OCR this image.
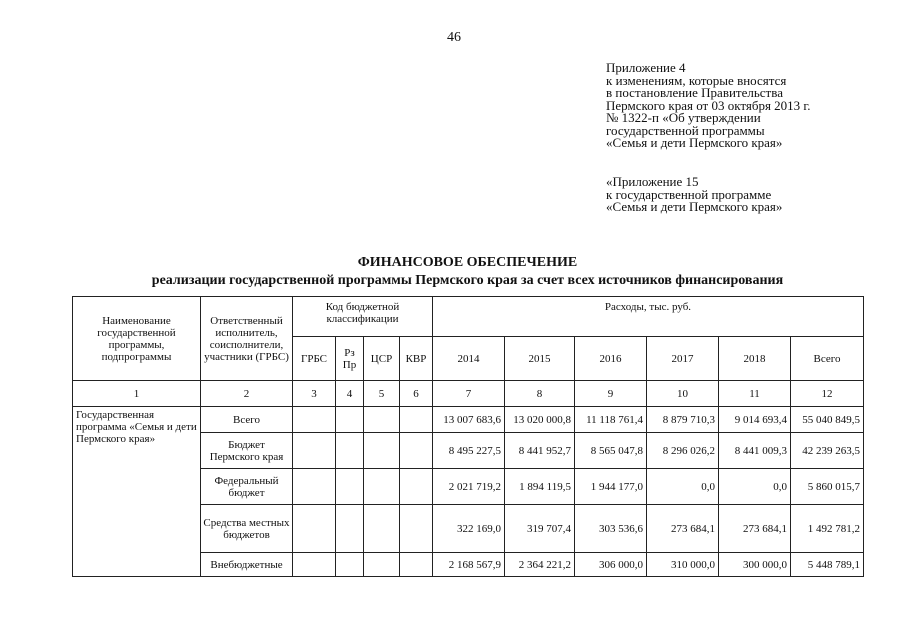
46
Приложение 4
к изменениям, которые вносятся
в постановление Правительства
Пермского края от 03 октября 2013 г.
№ 1322-п «Об утверждении
государственной программы
«Семья и дети Пермского края»
«Приложение 15
к государственной программе
«Семья и дети Пермского края»
ФИНАНСОВОЕ ОБЕСПЕЧЕНИЕ
реализации государственной программы Пермского края за счет всех источников финансирования
Наименование государственной программы, подпрограммы	Ответственный исполнитель, соисполнители, участники (ГРБС)	Код бюджетной классификации				Расходы, тыс. руб.					
		ГРБС	Рз Пр	ЦСР	КВР	2014	2015	2016	2017	2018	Всего
1	2	3	4	5	6	7	8	9	10	11	12
Государственная программа «Семья и дети Пермского края»	Всего					13 007 683,6	13 020 000,8	11 118 761,4	8 879 710,3	9 014 693,4	55 040 849,5
	Бюджет Пермского края					8 495 227,5	8 441 952,7	8 565 047,8	8 296 026,2	8 441 009,3	42 239 263,5
	Федеральный бюджет					2 021 719,2	1 894 119,5	1 944 177,0	0,0	0,0	5 860 015,7
	Средства местных бюджетов					322 169,0	319 707,4	303 536,6	273 684,1	273 684,1	1 492 781,2
	Внебюджетные					2 168 567,9	2 364 221,2	306 000,0	310 000,0	300 000,0	5 448 789,1
